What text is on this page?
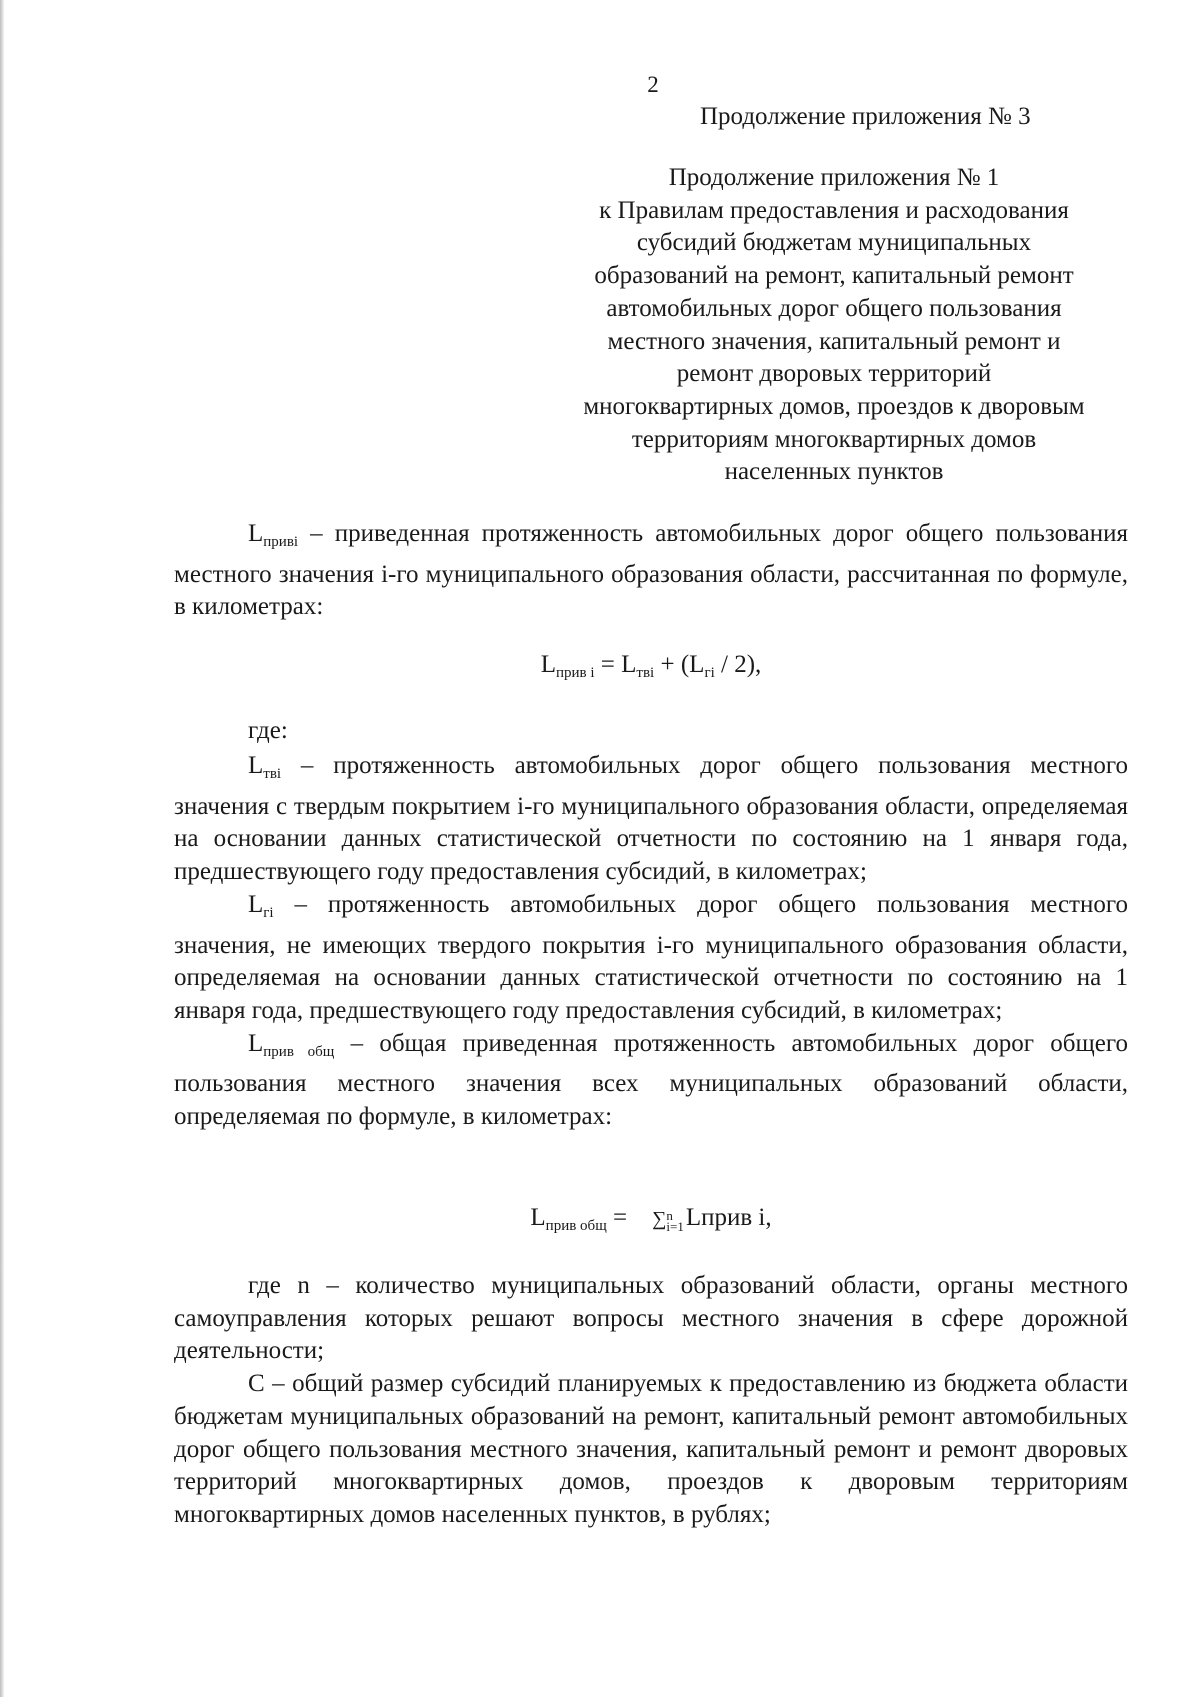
2
Продолжение приложения № 3
Продолжение приложения № 1
к Правилам предоставления и расходования
субсидий бюджетам муниципальных
образований на ремонт, капитальный ремонт
автомобильных дорог общего пользования
местного значения, капитальный ремонт и
ремонт дворовых территорий
многоквартирных домов, проездов к дворовым
территориям многоквартирных домов
населенных пунктов

$L_{привi}$ – приведенная протяженность автомобильных дорог общего пользования местного значения i-го муниципального образования области, рассчитанная по формуле, в километрах:

$L_{прив i} = L_{твi} + (L_{гi} / 2)$,
где:

$L_{твi}$ – протяженность автомобильных дорог общего пользования местного значения с твердым покрытием i-го муниципального образования области, определяемая на основании данных статистической отчетности по состоянию на 1 января года, предшествующего году предоставления субсидий, в километрах;

$L_{гi}$ – протяженность автомобильных дорог общего пользования местного значения, не имеющих твердого покрытия i-го муниципального образования области, определяемая на основании данных статистической отчетности по состоянию на 1 января года, предшествующего году предоставления субсидий, в километрах;

$L_{прив общ}$ – общая приведенная протяженность автомобильных дорог общего пользования местного значения всех муниципальных образований области, определяемая по формуле, в километрах:

$L_{прив общ}$ =    ∑ n
i=1 Lприв i,

где n – количество муниципальных образований области, органы местного самоуправления которых решают вопросы местного значения в сфере дорожной деятельности;

С – общий размер субсидий планируемых к предоставлению из бюджета области бюджетам муниципальных образований на ремонт, капитальный ремонт автомобильных дорог общего пользования местного значения, капитальный ремонт и ремонт дворовых территорий многоквартирных домов, проездов к дворовым территориям многоквартирных домов населенных пунктов, в рублях;
